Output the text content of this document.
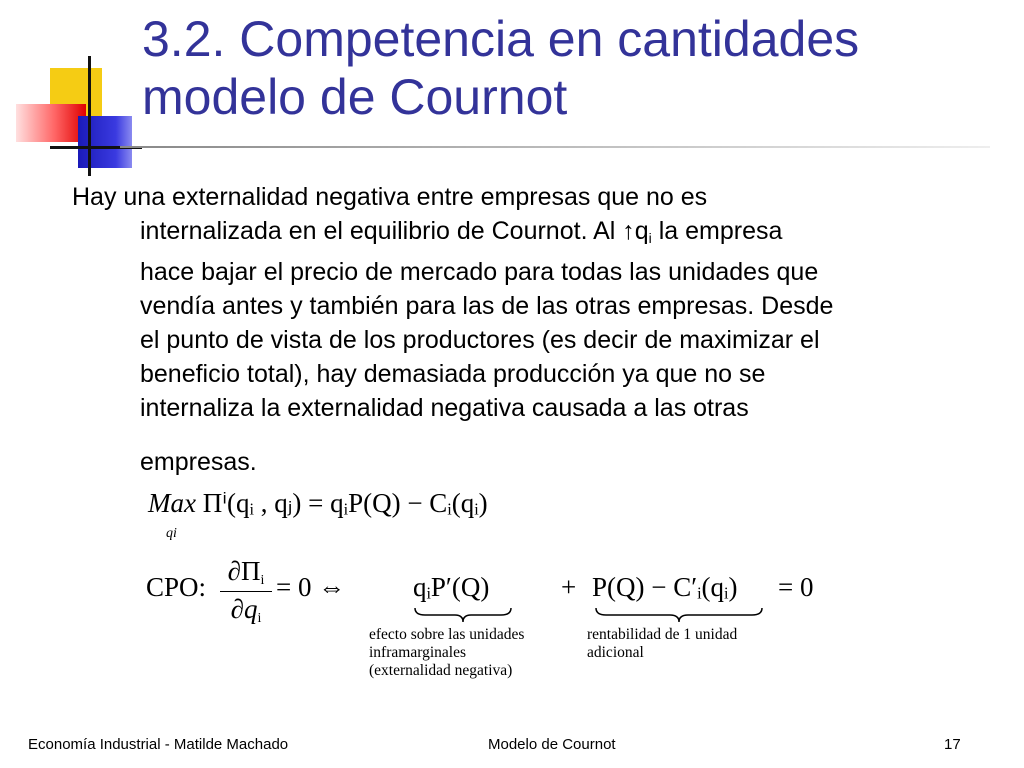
3.2. Competencia en cantidades
modelo de Cournot

Hay una externalidad negativa entre empresas que no es
internalizada en el equilibrio de Cournot. Al $↑q_i$ la empresa
hace bajar el precio de mercado para todas las unidades que
vendía antes y también para las de las otras empresas. Desde
el punto de vista de los productores (es decir de maximizar el
beneficio total), hay demasiada producción ya que no se
internaliza la externalidad negativa causada a las otras
empresas.

Max Πⁱ(qᵢ , qⱼ) = qᵢP(Q) − Cᵢ(qᵢ)
qi
CPO: $\frac{\partial\Pi_i}{\partial q_i} = 0$ ⇔	qᵢP′(Q)	+ P(Q) − C′ᵢ(qᵢ) = 0
efecto sobre las unidades
inframarginales
(externalidad negativa)
rentabilidad de 1 unidad
adicional
Economía Industrial - Matilde Machado	Modelo de Cournot	17
